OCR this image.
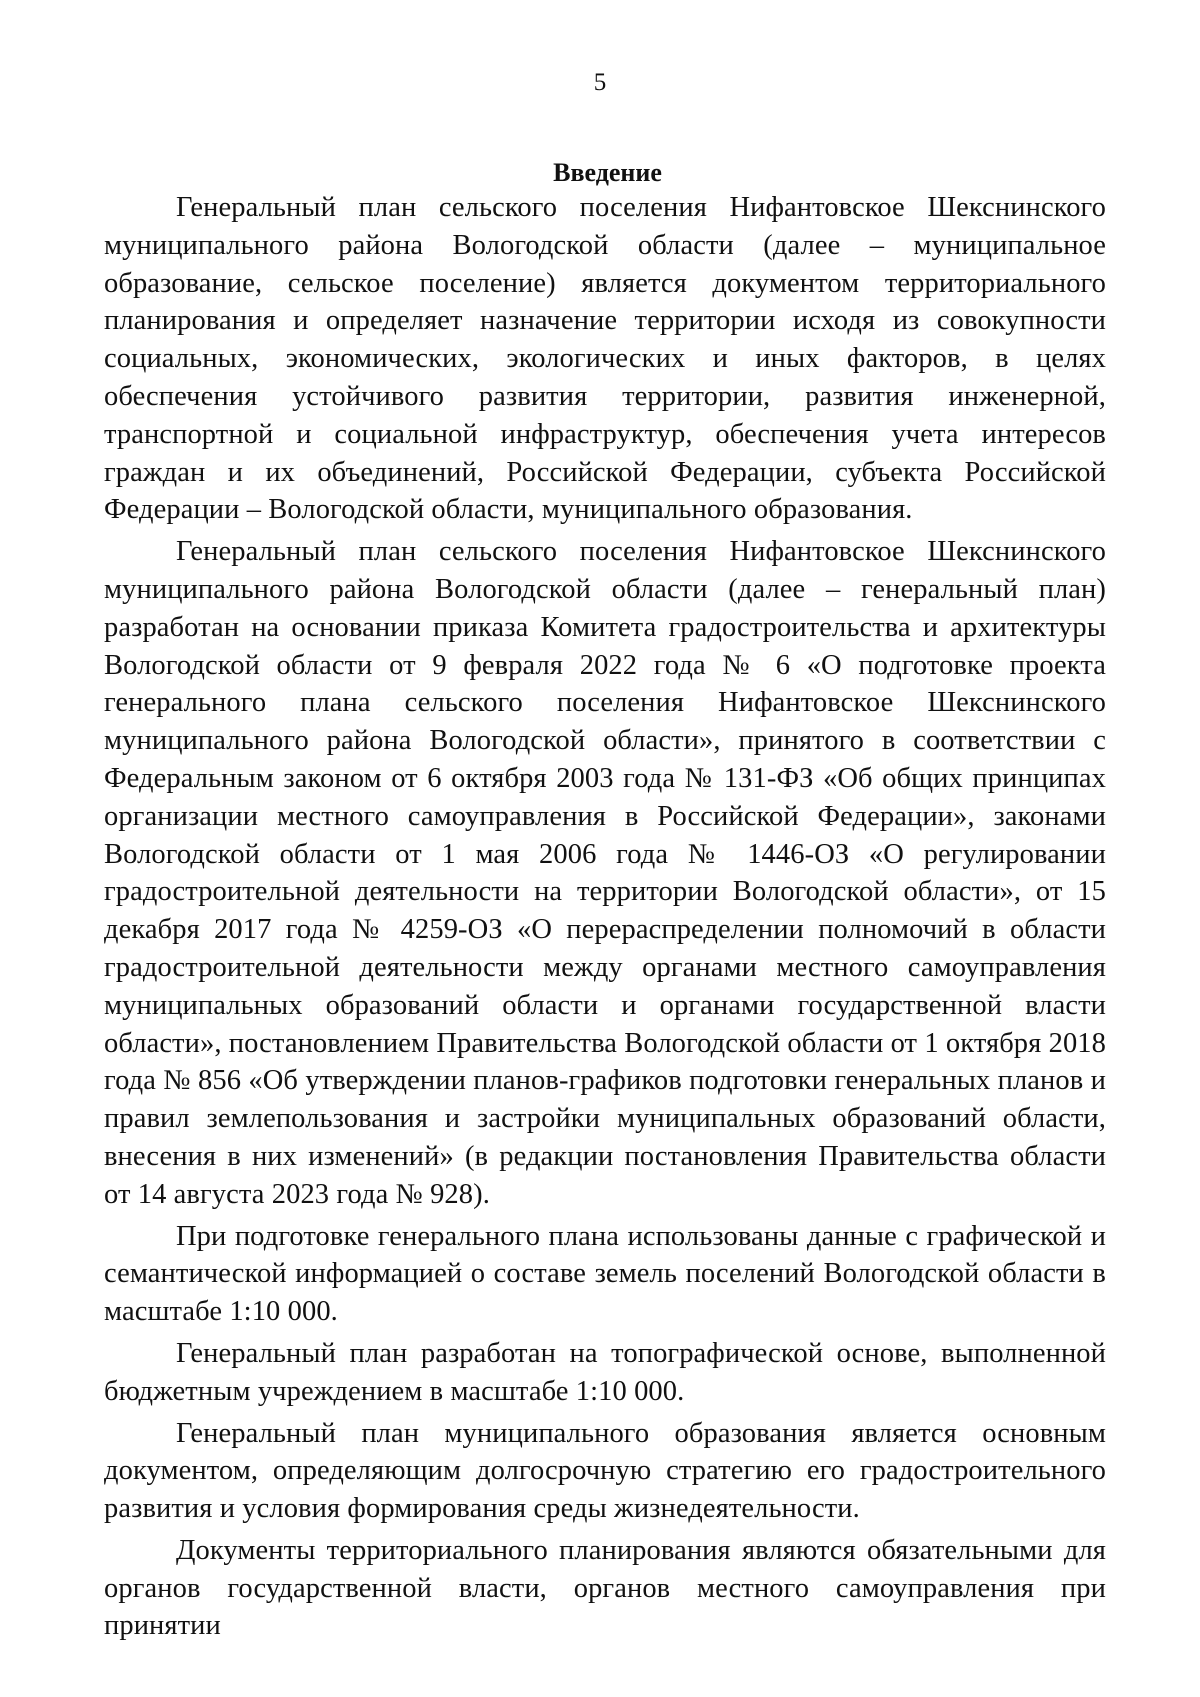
5
Введение

Генеральный план сельского поселения Нифантовское Шекснинского муниципального района Вологодской области (далее – муниципальное образование, сельское поселение) является документом территориального планирования и определяет назначение территории исходя из совокупности социальных, экономических, экологических и иных факторов, в целях обеспечения устойчивого развития территории, развития инженерной, транспортной и социальной инфраструктур, обеспечения учета интересов граждан и их объединений, Российской Федерации, субъекта Российской Федерации – Вологодской области, муниципального образования.

Генеральный план сельского поселения Нифантовское Шекснинского муниципального района Вологодской области (далее – генеральный план) разработан на основании приказа Комитета градостроительства и архитектуры Вологодской области от 9 февраля 2022 года № 6 «О подготовке проекта генерального плана сельского поселения Нифантовское Шекснинского муниципального района Вологодской области», принятого в соответствии с Федеральным законом от 6 октября 2003 года № 131-ФЗ «Об общих принципах организации местного самоуправления в Российской Федерации», законами Вологодской области от 1 мая 2006 года № 1446-ОЗ «О регулировании градостроительной деятельности на территории Вологодской области», от 15 декабря 2017 года № 4259-ОЗ «О перераспределении полномочий в области градостроительной деятельности между органами местного самоуправления муниципальных образований области и органами государственной власти области», постановлением Правительства Вологодской области от 1 октября 2018 года № 856 «Об утверждении планов-графиков подготовки генеральных планов и правил землепользования и застройки муниципальных образований области, внесения в них изменений» (в редакции постановления Правительства области от 14 августа 2023 года № 928).

При подготовке генерального плана использованы данные с графической и семантической информацией о составе земель поселений Вологодской области в масштабе 1:10 000.

Генеральный план разработан на топографической основе, выполненной бюджетным учреждением в масштабе 1:10 000.

Генеральный план муниципального образования является основным документом, определяющим долгосрочную стратегию его градостроительного развития и условия формирования среды жизнедеятельности.

Документы территориального планирования являются обязательными для органов государственной власти, органов местного самоуправления при принятии
